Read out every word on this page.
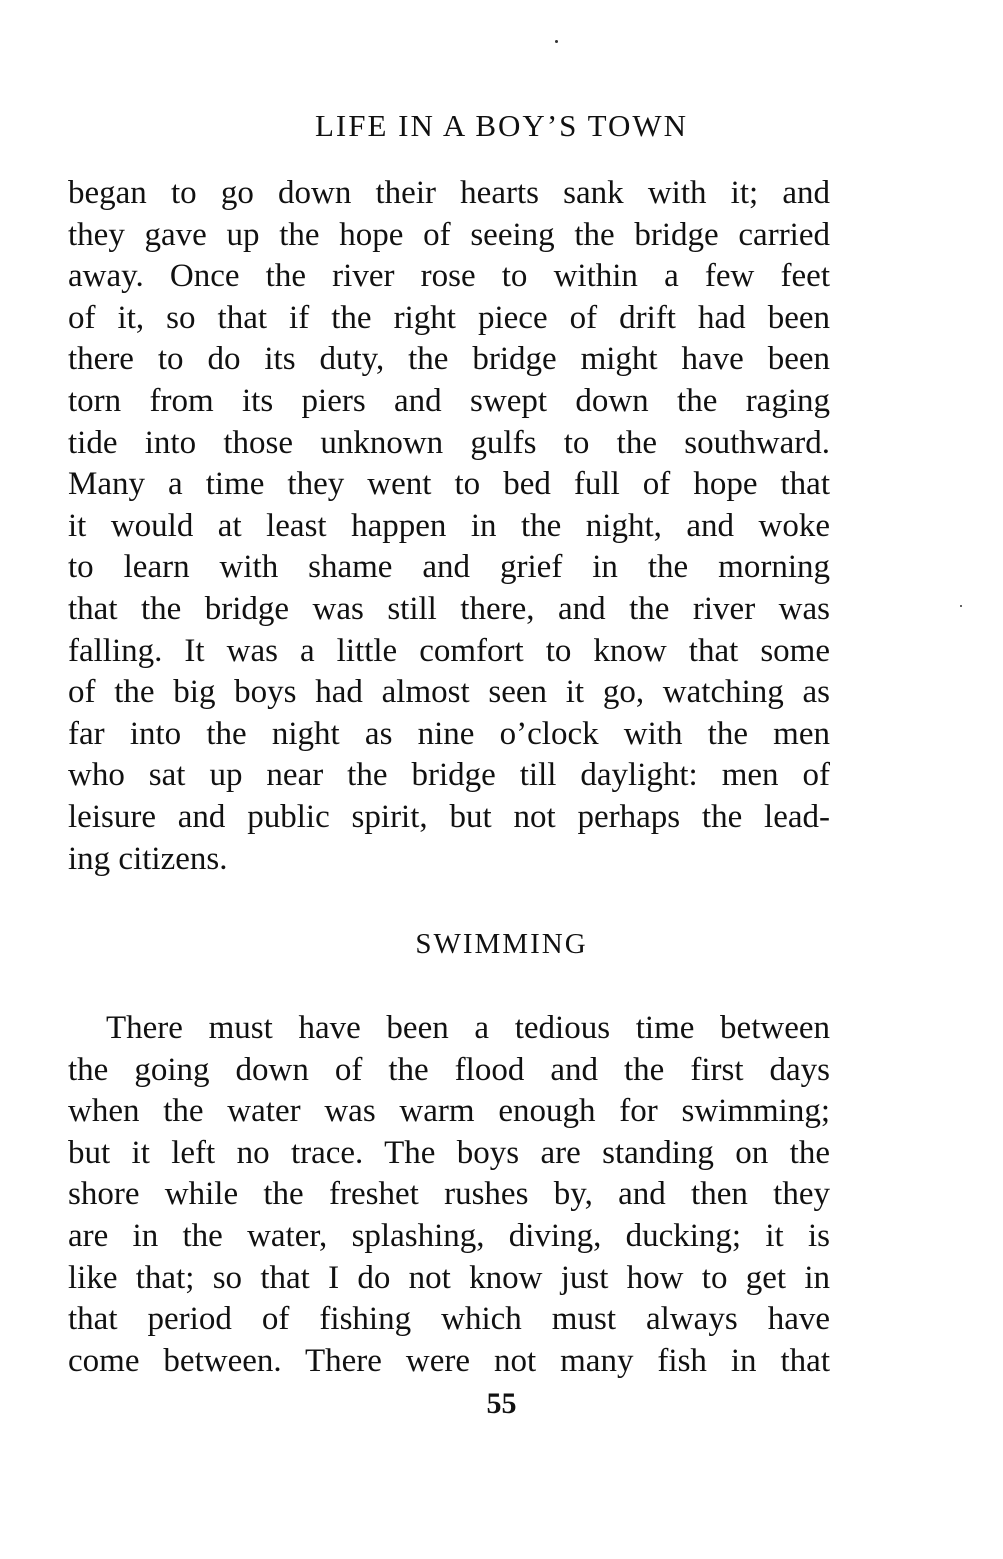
LIFE IN A BOY’S TOWN
began to go down their hearts sank with it; and
they gave up the hope of seeing the bridge carried
away. Once the river rose to within a few feet
of it, so that if the right piece of drift had been
there to do its duty, the bridge might have been
torn from its piers and swept down the raging
tide into those unknown gulfs to the southward.
Many a time they went to bed full of hope that
it would at least happen in the night, and woke
to learn with shame and grief in the morning
that the bridge was still there, and the river was
falling. It was a little comfort to know that some
of the big boys had almost seen it go, watching as
far into the night as nine o’clock with the men
who sat up near the bridge till daylight: men of
leisure and public spirit, but not perhaps the lead-
ing citizens.
SWIMMING
There must have been a tedious time between
the going down of the flood and the first days
when the water was warm enough for swimming;
but it left no trace. The boys are standing on the
shore while the freshet rushes by, and then they
are in the water, splashing, diving, ducking; it is
like that; so that I do not know just how to get in
that period of fishing which must always have
come between. There were not many fish in that
55
